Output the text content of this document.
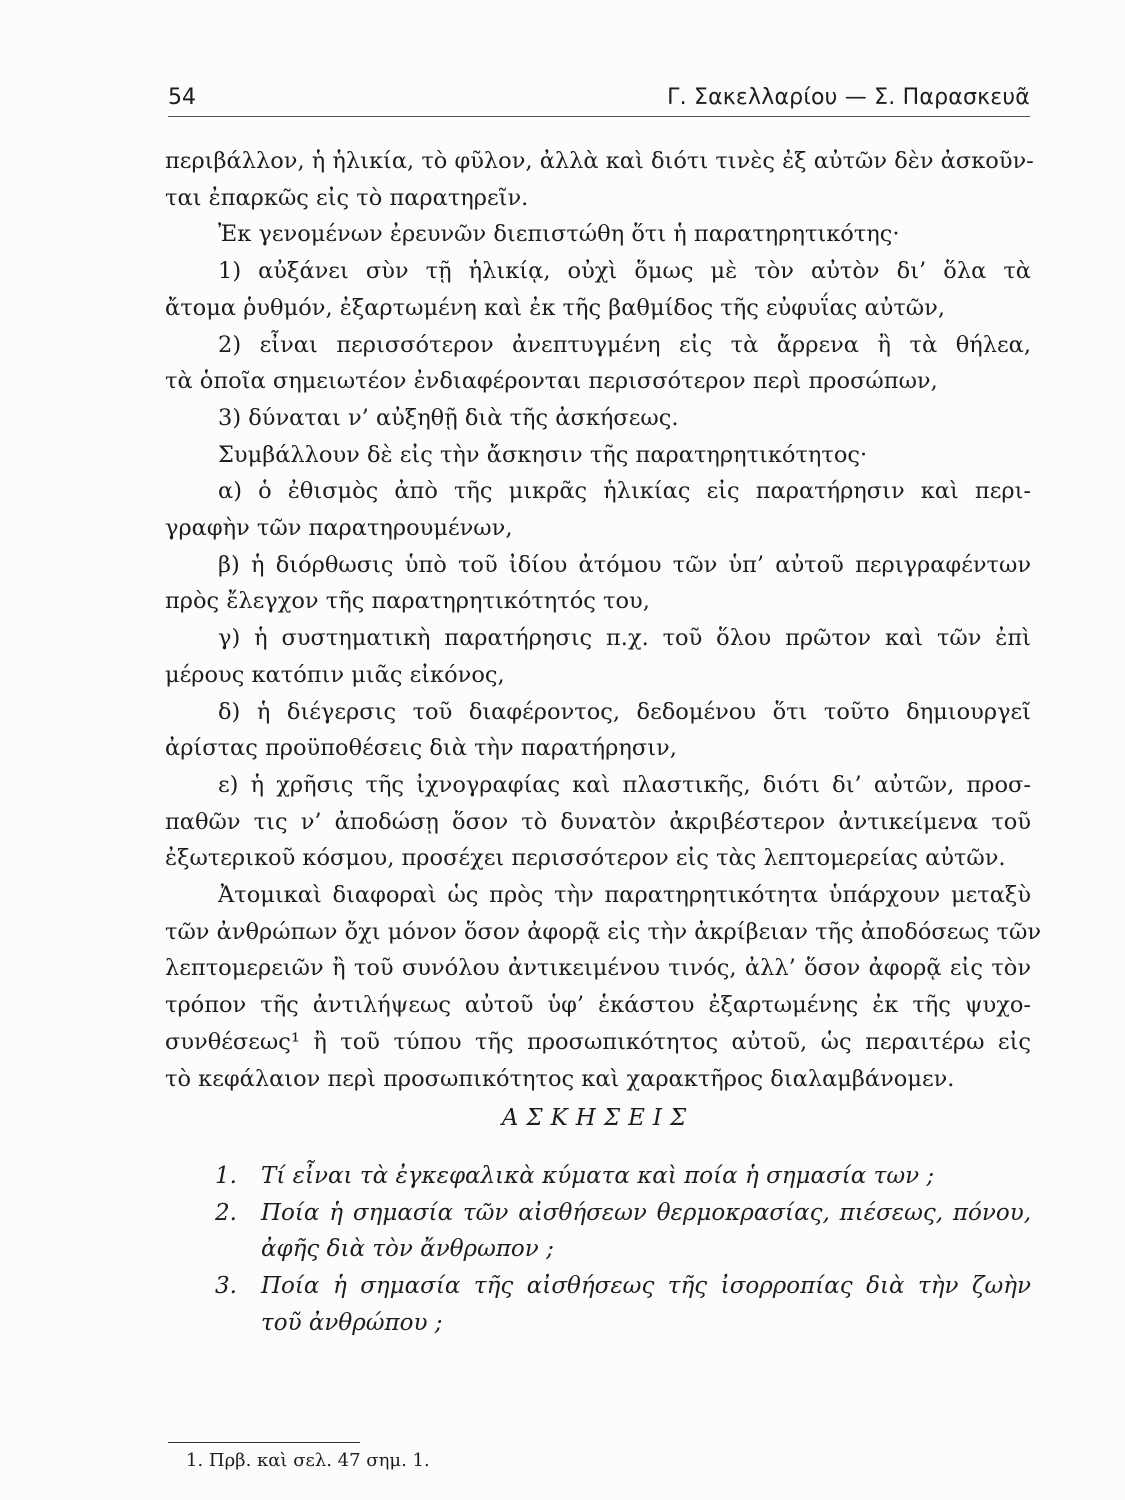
54	Γ. Σακελλαρίου — Σ. Παρασκευᾶ
περιβάλλον, ἡ ἡλικία, τὸ φῦλον, ἀλλὰ καὶ διότι τινὲς ἐξ αὐτῶν δὲν ἀσκοῦν-
ται ἐπαρκῶς εἰς τὸ παρατηρεῖν.
Ἐκ γενομένων ἐρευνῶν διεπιστώθη ὅτι ἡ παρατηρητικότης·
1) αὐξάνει σὺν τῇ ἡλικίᾳ, οὐχὶ ὅμως μὲ τὸν αὐτὸν δι’ ὅλα τὰ
ἄτομα ῥυθμόν, ἐξαρτωμένη καὶ ἐκ τῆς βαθμίδος τῆς εὐφυΐας αὐτῶν,
2) εἶναι περισσότερον ἀνεπτυγμένη εἰς τὰ ἄρρενα ἢ τὰ θήλεα,
τὰ ὁποῖα σημειωτέον ἐνδιαφέρονται περισσότερον περὶ προσώπων,
3) δύναται ν’ αὐξηθῇ διὰ τῆς ἀσκήσεως.
Συμβάλλουν δὲ εἰς τὴν ἄσκησιν τῆς παρατηρητικότητος·
α) ὁ ἐθισμὸς ἀπὸ τῆς μικρᾶς ἡλικίας εἰς παρατήρησιν καὶ περι-
γραφὴν τῶν παρατηρουμένων,
β) ἡ διόρθωσις ὑπὸ τοῦ ἰδίου ἀτόμου τῶν ὑπ’ αὐτοῦ περιγραφέντων
πρὸς ἔλεγχον τῆς παρατηρητικότητός του,
γ) ἡ συστηματικὴ παρατήρησις π.χ. τοῦ ὅλου πρῶτον καὶ τῶν ἐπὶ
μέρους κατόπιν μιᾶς εἰκόνος,
δ) ἡ διέγερσις τοῦ διαφέροντος, δεδομένου ὅτι τοῦτο δημιουργεῖ
ἀρίστας προϋποθέσεις διὰ τὴν παρατήρησιν,
ε) ἡ χρῆσις τῆς ἰχνογραφίας καὶ πλαστικῆς, διότι δι’ αὐτῶν, προσ-
παθῶν τις ν’ ἀποδώσῃ ὅσον τὸ δυνατὸν ἀκριβέστερον ἀντικείμενα τοῦ
ἐξωτερικοῦ κόσμου, προσέχει περισσότερον εἰς τὰς λεπτομερείας αὐτῶν.
Ἀτομικαὶ διαφοραὶ ὡς πρὸς τὴν παρατηρητικότητα ὑπάρχουν μεταξὺ
τῶν ἀνθρώπων ὄχι μόνον ὅσον ἀφορᾷ εἰς τὴν ἀκρίβειαν τῆς ἀποδόσεως τῶν
λεπτομερειῶν ἢ τοῦ συνόλου ἀντικειμένου τινός, ἀλλ’ ὅσον ἀφορᾷ εἰς τὸν
τρόπον τῆς ἀντιλήψεως αὐτοῦ ὑφ’ ἑκάστου ἐξαρτωμένης ἐκ τῆς ψυχο-
συνθέσεως¹ ἢ τοῦ τύπου τῆς προσωπικότητος αὐτοῦ, ὡς περαιτέρω εἰς
τὸ κεφάλαιον περὶ προσωπικότητος καὶ χαρακτῆρος διαλαμβάνομεν.
ΑΣΚΗΣΕΙΣ
1.	Τί εἶναι τὰ ἐγκεφαλικὰ κύματα καὶ ποία ἡ σημασία των ;
2.	Ποία ἡ σημασία τῶν αἰσθήσεων θερμοκρασίας, πιέσεως, πόνου,
ἀφῆς διὰ τὸν ἄνθρωπον ;
3.	Ποία ἡ σημασία τῆς αἰσθήσεως τῆς ἰσορροπίας διὰ τὴν ζωὴν
τοῦ ἀνθρώπου ;
1. Πρβ. καὶ σελ. 47 σημ. 1.
